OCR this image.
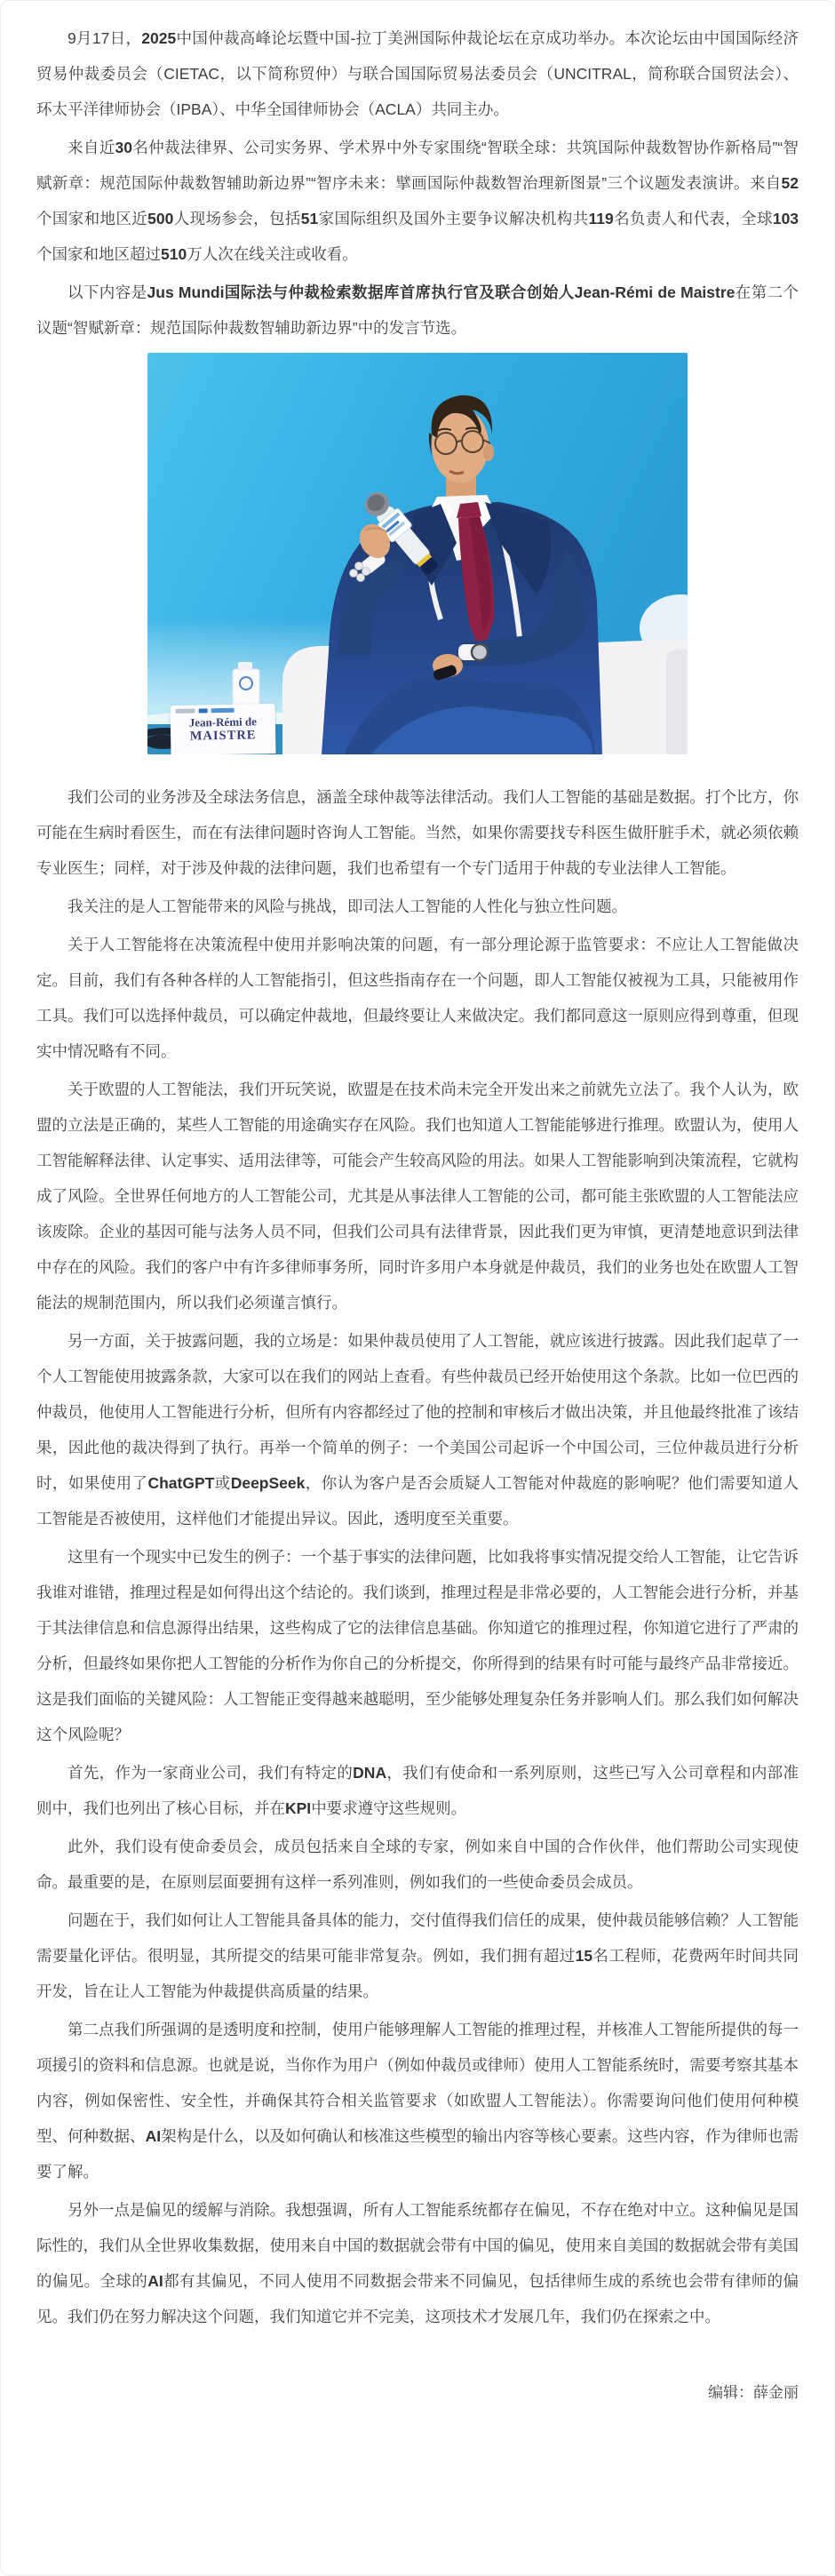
9月17日，2025中国仲裁高峰论坛暨中国-拉丁美洲国际仲裁论坛在京成功举办。本次论坛由中国国际经济贸易仲裁委员会（CIETAC，以下简称贸仲）与联合国国际贸易法委员会（UNCITRAL，简称联合国贸法会）、环太平洋律师协会（IPBA）、中华全国律师协会（ACLA）共同主办。

来自近30名仲裁法律界、公司实务界、学术界中外专家围绕“智联全球：共筑国际仲裁数智协作新格局”“智赋新章：规范国际仲裁数智辅助新边界”“智序未来：擘画国际仲裁数智治理新图景”三个议题发表演讲。来自52个国家和地区近500人现场参会，包括51家国际组织及国外主要争议解决机构共119名负责人和代表，全球103个国家和地区超过510万人次在线关注或收看。

以下内容是Jus Mundi国际法与仲裁检索数据库首席执行官及联合创始人Jean-Rémi de Maistre在第二个议题“智赋新章：规范国际仲裁数智辅助新边界”中的发言节选。

Jean-Rémi de
MAISTRE

我们公司的业务涉及全球法务信息，涵盖全球仲裁等法律活动。我们人工智能的基础是数据。打个比方，你可能在生病时看医生，而在有法律问题时咨询人工智能。当然，如果你需要找专科医生做肝脏手术，就必须依赖专业医生；同样，对于涉及仲裁的法律问题，我们也希望有一个专门适用于仲裁的专业法律人工智能。

我关注的是人工智能带来的风险与挑战，即司法人工智能的人性化与独立性问题。

关于人工智能将在决策流程中使用并影响决策的问题，有一部分理论源于监管要求：不应让人工智能做决定。目前，我们有各种各样的人工智能指引，但这些指南存在一个问题，即人工智能仅被视为工具，只能被用作工具。我们可以选择仲裁员，可以确定仲裁地，但最终要让人来做决定。我们都同意这一原则应得到尊重，但现实中情况略有不同。

关于欧盟的人工智能法，我们开玩笑说，欧盟是在技术尚未完全开发出来之前就先立法了。我个人认为，欧盟的立法是正确的，某些人工智能的用途确实存在风险。我们也知道人工智能能够进行推理。欧盟认为，使用人工智能解释法律、认定事实、适用法律等，可能会产生较高风险的用法。如果人工智能影响到决策流程，它就构成了风险。全世界任何地方的人工智能公司，尤其是从事法律人工智能的公司，都可能主张欧盟的人工智能法应该废除。企业的基因可能与法务人员不同，但我们公司具有法律背景，因此我们更为审慎，更清楚地意识到法律中存在的风险。我们的客户中有许多律师事务所，同时许多用户本身就是仲裁员，我们的业务也处在欧盟人工智能法的规制范围内，所以我们必须谨言慎行。

另一方面，关于披露问题，我的立场是：如果仲裁员使用了人工智能，就应该进行披露。因此我们起草了一个人工智能使用披露条款，大家可以在我们的网站上查看。有些仲裁员已经开始使用这个条款。比如一位巴西的仲裁员，他使用人工智能进行分析，但所有内容都经过了他的控制和审核后才做出决策，并且他最终批准了该结果，因此他的裁决得到了执行。再举一个简单的例子：一个美国公司起诉一个中国公司，三位仲裁员进行分析时，如果使用了ChatGPT或DeepSeek，你认为客户是否会质疑人工智能对仲裁庭的影响呢？他们需要知道人工智能是否被使用，这样他们才能提出异议。因此，透明度至关重要。

这里有一个现实中已发生的例子：一个基于事实的法律问题，比如我将事实情况提交给人工智能，让它告诉我谁对谁错，推理过程是如何得出这个结论的。我们谈到，推理过程是非常必要的，人工智能会进行分析，并基于其法律信息和信息源得出结果，这些构成了它的法律信息基础。你知道它的推理过程，你知道它进行了严肃的分析，但最终如果你把人工智能的分析作为你自己的分析提交，你所得到的结果有时可能与最终产品非常接近。这是我们面临的关键风险：人工智能正变得越来越聪明，至少能够处理复杂任务并影响人们。那么我们如何解决这个风险呢？

首先，作为一家商业公司，我们有特定的DNA，我们有使命和一系列原则，这些已写入公司章程和内部准则中，我们也列出了核心目标，并在KPI中要求遵守这些规则。

此外，我们设有使命委员会，成员包括来自全球的专家，例如来自中国的合作伙伴，他们帮助公司实现使命。最重要的是，在原则层面要拥有这样一系列准则，例如我们的一些使命委员会成员。

问题在于，我们如何让人工智能具备具体的能力，交付值得我们信任的成果，使仲裁员能够信赖？人工智能需要量化评估。很明显，其所提交的结果可能非常复杂。例如，我们拥有超过15名工程师，花费两年时间共同开发，旨在让人工智能为仲裁提供高质量的结果。

第二点我们所强调的是透明度和控制，使用户能够理解人工智能的推理过程，并核准人工智能所提供的每一项援引的资料和信息源。也就是说，当你作为用户（例如仲裁员或律师）使用人工智能系统时，需要考察其基本内容，例如保密性、安全性，并确保其符合相关监管要求（如欧盟人工智能法）。你需要询问他们使用何种模型、何种数据、AI架构是什么，以及如何确认和核准这些模型的输出内容等核心要素。这些内容，作为律师也需要了解。

另外一点是偏见的缓解与消除。我想强调，所有人工智能系统都存在偏见，不存在绝对中立。这种偏见是国际性的，我们从全世界收集数据，使用来自中国的数据就会带有中国的偏见，使用来自美国的数据就会带有美国的偏见。全球的AI都有其偏见，不同人使用不同数据会带来不同偏见，包括律师生成的系统也会带有律师的偏见。我们仍在努力解决这个问题，我们知道它并不完美，这项技术才发展几年，我们仍在探索之中。

编辑：薛金丽
